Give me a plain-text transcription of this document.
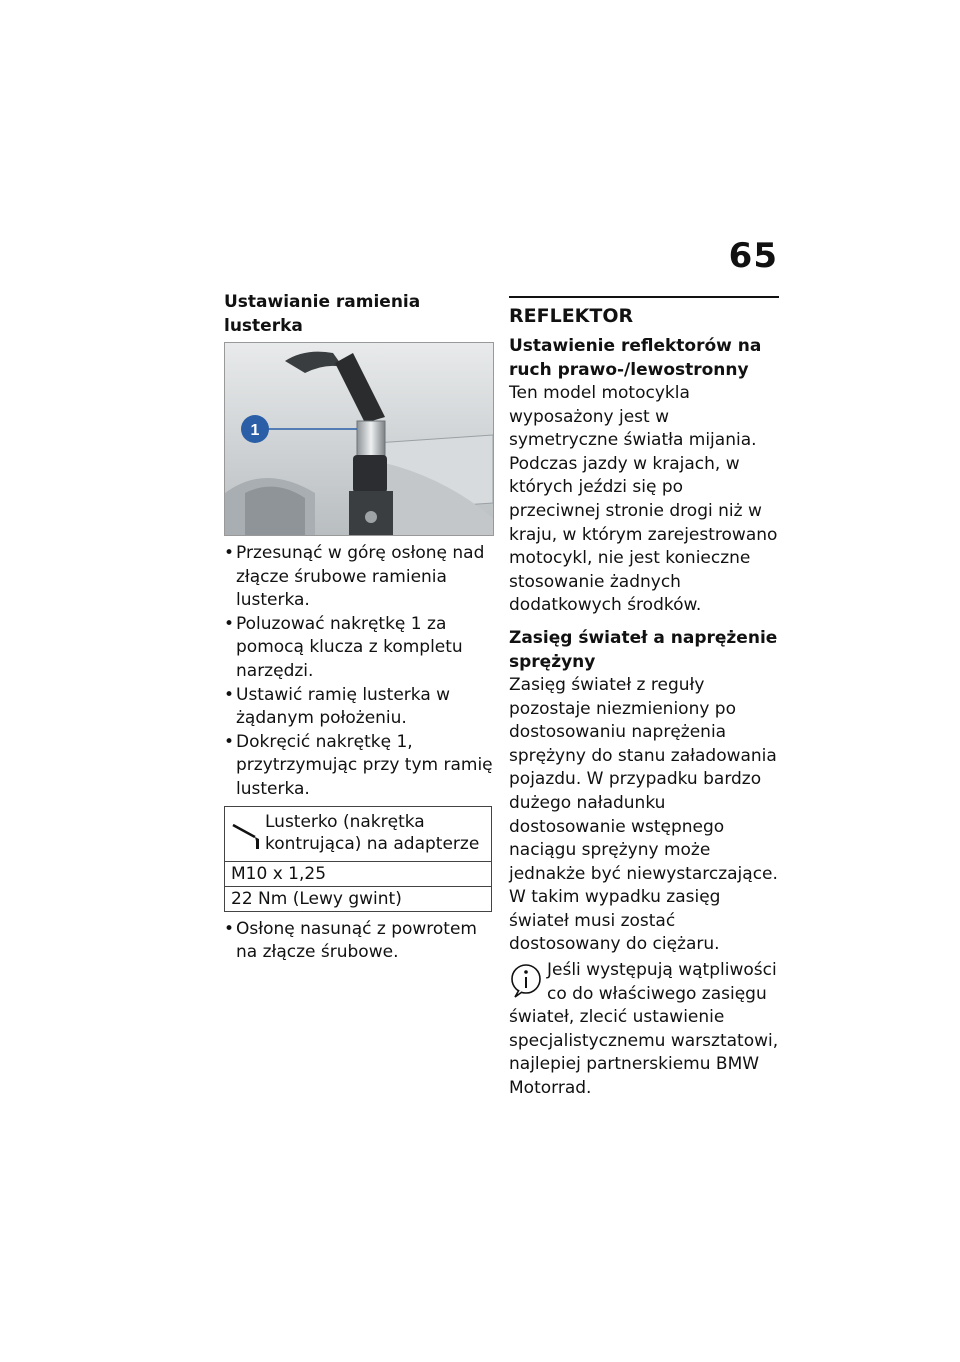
65

Ustawianie ramienia lusterka

1
• Przesunąć w górę osłonę nad złącze śrubowe ramienia lusterka.
• Poluzować nakrętkę 1 za pomocą klucza z kompletu narzędzi.
• Ustawić ramię lusterka w żądanym położeniu.
• Dokręcić nakrętkę 1, przytrzymując przy tym ramię lusterka.
Lusterko (nakrętka kontrująca) na adapterze

M10 x 1,25
22 Nm (Lewy gwint)
• Osłonę nasunąć z powrotem na złącze śrubowe.
REFLEKTOR

Ustawienie reflektorów na ruch prawo-/lewostronny

Ten model motocykla wyposażony jest w symetryczne światła mijania. Podczas jazdy w krajach, w których jeździ się po przeciwnej stronie drogi niż w kraju, w którym zarejestrowano motocykl, nie jest konieczne stosowanie żadnych dodatkowych środków.

Zasięg świateł a naprężenie sprężyny

Zasięg świateł z reguły pozostaje niezmieniony po dostosowaniu naprężenia sprężyny do stanu załadowania pojazdu. W przypadku bardzo dużego naładunku dostosowanie wstępnego naciągu sprężyny może jednakże być niewystarczające. W takim wypadku zasięg świateł musi zostać dostosowany do ciężaru.

Jeśli występują wątpliwości co do właściwego zasięgu świateł, zlecić ustawienie specjalistycznemu warsztatowi, najlepiej partnerskiemu BMW Motorrad.
